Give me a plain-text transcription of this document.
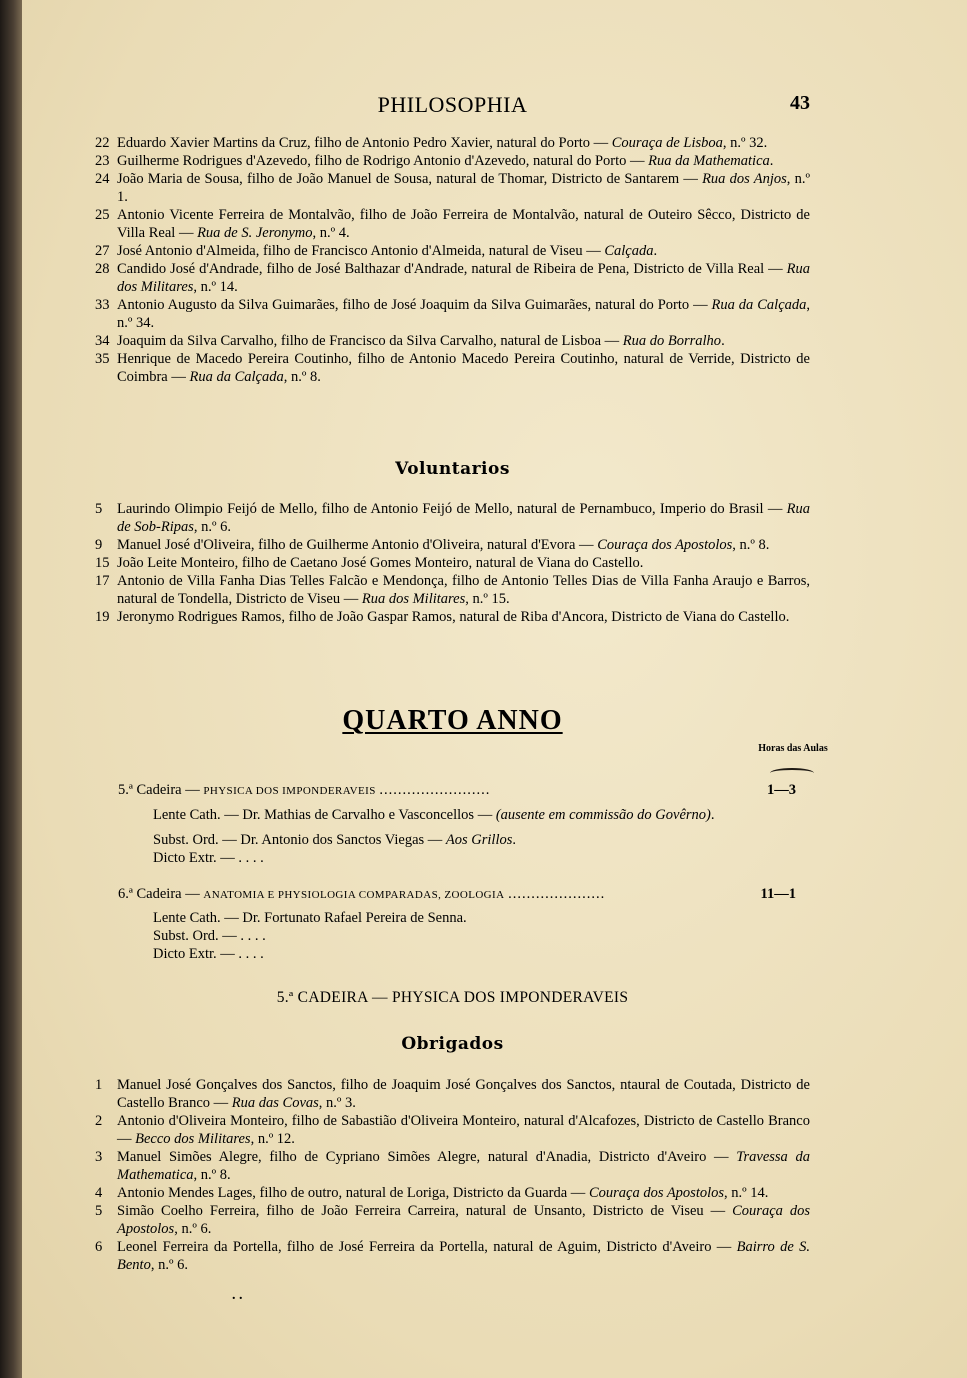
PHILOSOPHIA	43

22 Eduardo Xavier Martins da Cruz, filho de Antonio Pedro Xavier, natural do Porto — Couraça de Lisboa, n.º 32.

23 Guilherme Rodrigues d'Azevedo, filho de Rodrigo Antonio d'Azevedo, natural do Porto — Rua da Mathematica.

24 João Maria de Sousa, filho de João Manuel de Sousa, natural de Thomar, Districto de Santarem — Rua dos Anjos, n.º 1.

25 Antonio Vicente Ferreira de Montalvão, filho de João Ferreira de Montalvão, natural de Outeiro Sêcco, Districto de Villa Real — Rua de S. Jeronymo, n.º 4.

27 José Antonio d'Almeida, filho de Francisco Antonio d'Almeida, natural de Viseu — Calçada.

28 Candido José d'Andrade, filho de José Balthazar d'Andrade, natural de Ribeira de Pena, Districto de Villa Real — Rua dos Militares, n.º 14.

33 Antonio Augusto da Silva Guimarães, filho de José Joaquim da Silva Guimarães, natural do Porto — Rua da Calçada, n.º 34.

34 Joaquim da Silva Carvalho, filho de Francisco da Silva Carvalho, natural de Lisboa — Rua do Borralho.

35 Henrique de Macedo Pereira Coutinho, filho de Antonio Macedo Pereira Coutinho, natural de Verride, Districto de Coimbra — Rua da Calçada, n.º 8.

Voluntarios

5 Laurindo Olimpio Feijó de Mello, filho de Antonio Feijó de Mello, natural de Pernambuco, Imperio do Brasil — Rua de Sob-Ripas, n.º 6.

9 Manuel José d'Oliveira, filho de Guilherme Antonio d'Oliveira, natural d'Evora — Couraça dos Apostolos, n.º 8.

15 João Leite Monteiro, filho de Caetano José Gomes Monteiro, natural de Viana do Castello.

17 Antonio de Villa Fanha Dias Telles Falcão e Mendonça, filho de Antonio Telles Dias de Villa Fanha Araujo e Barros, natural de Tondella, Districto de Viseu — Rua dos Militares, n.º 15.

19 Jeronymo Rodrigues Ramos, filho de João Gaspar Ramos, natural de Riba d'Ancora, Districto de Viana do Castello.

QUARTO ANNO
Horas das Aulas
5.ª Cadeira — PHYSICA DOS IMPONDERAVEIS ........................	1—3
Lente Cath. — Dr. Mathias de Carvalho e Vasconcellos — (ausente em commissão do Govêrno).
Subst. Ord. — Dr. Antonio dos Sanctos Viegas — Aos Grillos.
Dicto Extr. — . . . .
6.ª Cadeira — ANATOMIA E PHYSIOLOGIA COMPARADAS, ZOOLOGIA .....................	11—1
Lente Cath. — Dr. Fortunato Rafael Pereira de Senna.
Subst. Ord. — . . . .
Dicto Extr. — . . . .
5.ª CADEIRA — PHYSICA DOS IMPONDERAVEIS
Obrigados

1 Manuel José Gonçalves dos Sanctos, filho de Joaquim José Gonçalves dos Sanctos, ntaural de Coutada, Districto de Castello Branco — Rua das Covas, n.º 3.

2 Antonio d'Oliveira Monteiro, filho de Sabastião d'Oliveira Monteiro, natural d'Alcafozes, Districto de Castello Branco — Becco dos Militares, n.º 12.

3 Manuel Simões Alegre, filho de Cypriano Simões Alegre, natural d'Anadia, Districto d'Aveiro — Travessa da Mathematica, n.º 8.

4 Antonio Mendes Lages, filho de outro, natural de Loriga, Districto da Guarda — Couraça dos Apostolos, n.º 14.

5 Simão Coelho Ferreira, filho de João Ferreira Carreira, natural de Unsanto, Districto de Viseu — Couraça dos Apostolos, n.º 6.

6 Leonel Ferreira da Portella, filho de José Ferreira da Portella, natural de Aguim, Districto d'Aveiro — Bairro de S. Bento, n.º 6.

. .
